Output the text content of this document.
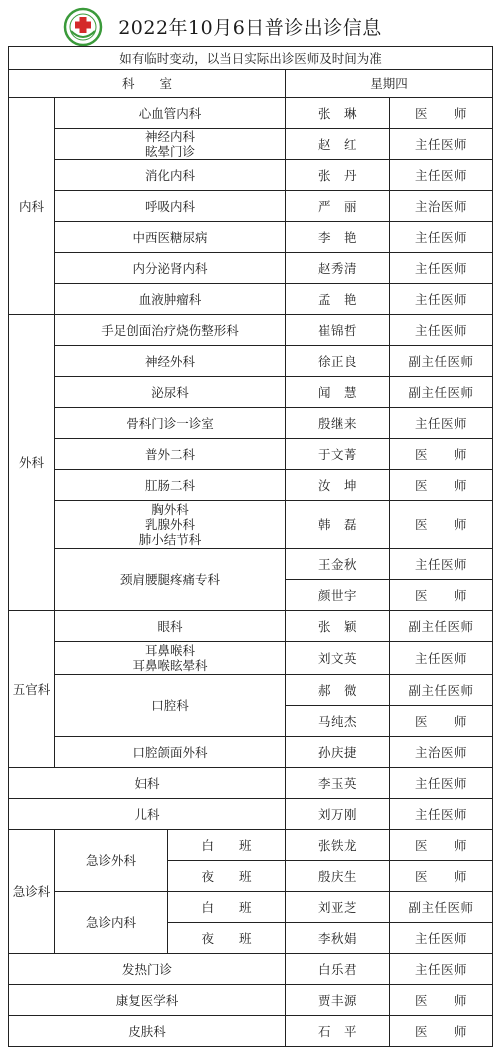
2022年10月6日普诊出诊信息
如有临时变动，以当日实际出诊医师及时间为准				
科　　室			星期四	
内科	心血管内科		张　琳	医　　师

	神经内科
眩晕门诊		赵　红	主任医师
	消化内科		张　丹	主任医师
	呼吸内科		严　丽	主治医师
	中西医糖尿病		李　艳	主任医师
	内分泌肾内科		赵秀清	主任医师
	血液肿瘤科		孟　艳	主任医师
外科	手足创面治疗烧伤整形科		崔锦哲	主任医师
	神经外科		徐正良	副主任医师
	泌尿科		闻　慧	副主任医师
	骨科门诊一诊室		殷继来	主任医师
	普外二科		于文菁	医　　师
	肛肠二科		汝　坤	医　　师

	胸外科
乳腺外科
肺小结节科		韩　磊	医　　师
	颈肩腰腿疼痛专科		王金秋	主任医师
			颜世宇	医　　师
五官科	眼科		张　颖	副主任医师

	耳鼻喉科
耳鼻喉眩晕科		刘文英	主任医师
	口腔科		郝　微	副主任医师
			马纯杰	医　　师
	口腔颌面外科		孙庆捷	主治医师
妇科			李玉英	主任医师
儿科			刘万刚	主任医师
急诊科	急诊外科	白　　班	张铁龙	医　　师
		夜　　班	殷庆生	医　　师
	急诊内科	白　　班	刘亚芝	副主任医师
		夜　　班	李秋娟	主任医师
发热门诊			白乐君	主任医师
康复医学科			贾丰源	医　　师
皮肤科			石　平	医　　师
